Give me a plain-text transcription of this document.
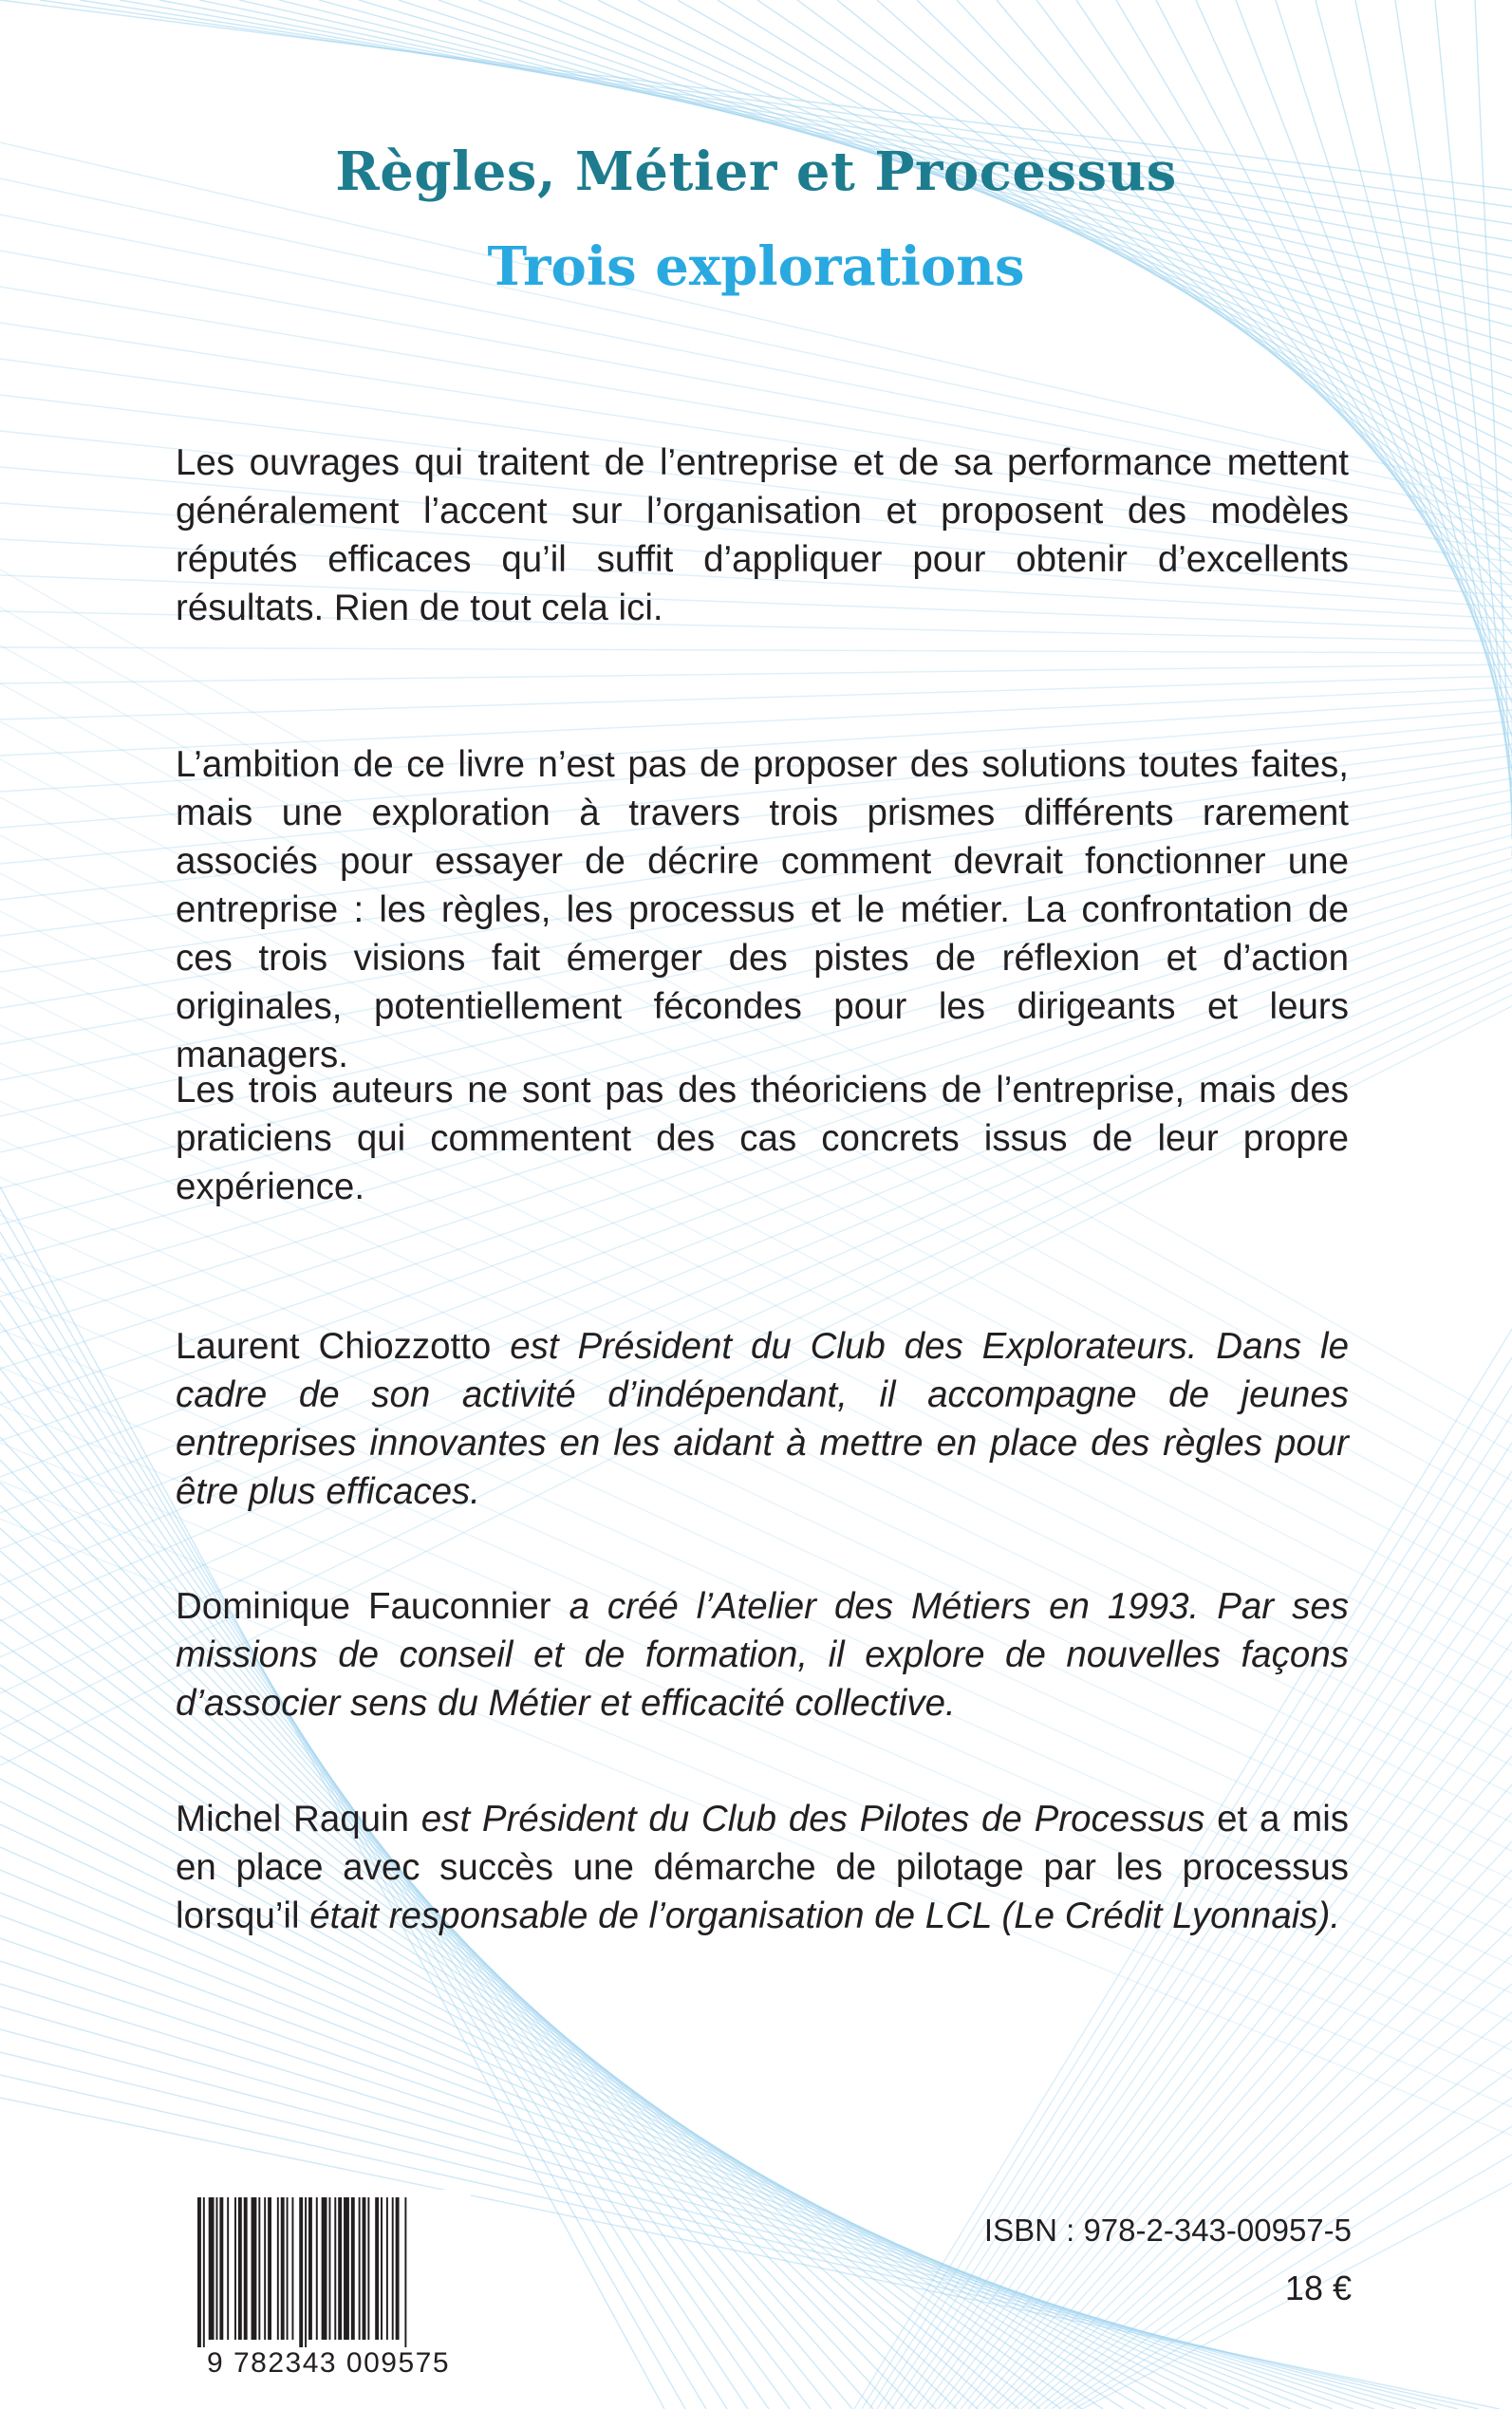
Règles, Métier et Processus
Trois explorations
Les ouvrages qui traitent de l’entreprise et de sa performance mettent généralement l’accent sur l’organisation et proposent des modèles réputés efficaces qu’il suffit d’appliquer pour obtenir d’excellents résultats. Rien de tout cela ici.
L’ambition de ce livre n’est pas de proposer des solutions toutes faites, mais une exploration à travers trois prismes différents rarement associés pour essayer de décrire comment devrait fonctionner une entreprise : les règles, les processus et le métier. La confrontation de ces trois visions fait émerger des pistes de réflexion et d’action originales, potentiellement fécondes pour les dirigeants et leurs managers.
Les trois auteurs ne sont pas des théoriciens de l’entreprise, mais des praticiens qui commentent des cas concrets issus de leur propre expérience.
Laurent Chiozzotto est Président du Club des Explorateurs. Dans le cadre de son activité d’indépendant, il accompagne de jeunes entreprises innovantes en les aidant à mettre en place des règles pour être plus efficaces.
Dominique Fauconnier a créé l’Atelier des Métiers en 1993. Par ses missions de conseil et de formation, il explore de nouvelles façons d’associer sens du Métier et efficacité collective.
Michel Raquin est Président du Club des Pilotes de Processus et a mis en place avec succès une démarche de pilotage par les processus lorsqu’il était responsable de l’organisation de LCL (Le Crédit Lyonnais).
9 782343 009575
ISBN : 978-2-343-00957-5
18 €
